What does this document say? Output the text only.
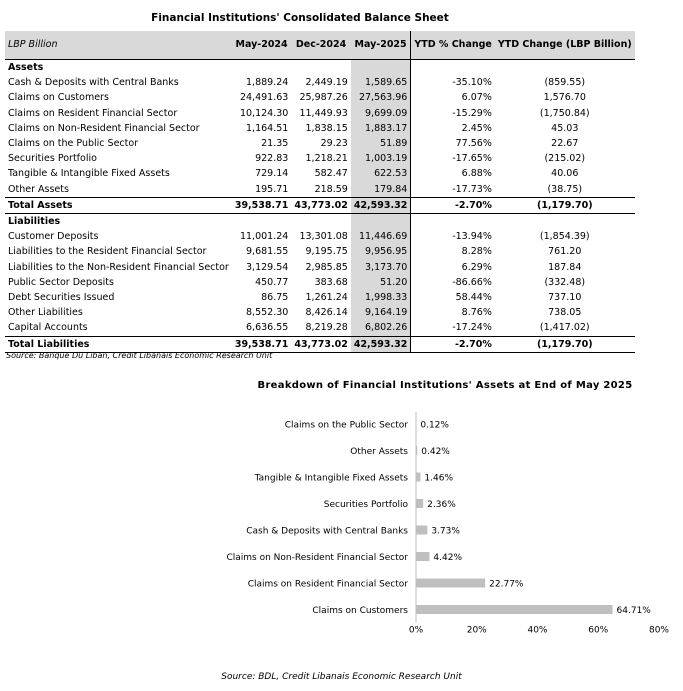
Financial Institutions' Consolidated Balance Sheet
LBP Billion	May-2024	Dec-2024	May-2025	YTD % Change	YTD Change (LBP Billion)
Assets					
Cash & Deposits with Central Banks	1,889.24	2,449.19	1,589.65	-35.10%	(859.55)
Claims on Customers	24,491.63	25,987.26	27,563.96	6.07%	1,576.70
Claims on Resident Financial Sector	10,124.30	11,449.93	9,699.09	-15.29%	(1,750.84)
Claims on Non-Resident Financial Sector	1,164.51	1,838.15	1,883.17	2.45%	45.03
Claims on the Public Sector	21.35	29.23	51.89	77.56%	22.67
Securities Portfolio	922.83	1,218.21	1,003.19	-17.65%	(215.02)
Tangible & Intangible Fixed Assets	729.14	582.47	622.53	6.88%	40.06
Other Assets	195.71	218.59	179.84	-17.73%	(38.75)
Total Assets	39,538.71	43,773.02	42,593.32	-2.70%	(1,179.70)
Liabilities					
Customer Deposits	11,001.24	13,301.08	11,446.69	-13.94%	(1,854.39)
Liabilities to the Resident Financial Sector	9,681.55	9,195.75	9,956.95	8.28%	761.20
Liabilities to the Non-Resident Financial Sector	3,129.54	2,985.85	3,173.70	6.29%	187.84
Public Sector Deposits	450.77	383.68	51.20	-86.66%	(332.48)
Debt Securities Issued	86.75	1,261.24	1,998.33	58.44%	737.10
Other Liabilities	8,552.30	8,426.14	9,164.19	8.76%	738.05
Capital Accounts	6,636.55	8,219.28	6,802.26	-17.24%	(1,417.02)
Total Liabilities	39,538.71	43,773.02	42,593.32	-2.70%	(1,179.70)
Source: Banque Du Liban, Credit Libanais Economic Research Unit
Breakdown of Financial Institutions' Assets at End of May 2025
Claims on the Public Sector 0.12%
Other Assets 0.42%
Tangible & Intangible Fixed Assets 1.46%
Securities Portfolio 2.36%
Cash & Deposits with Central Banks	3.73%
Claims on Non-Resident Financial Sector	4.42%
Claims on Resident Financial Sector	22.77%
Claims on Customers	64.71%
0%	20%	40%	60%	80%
Source: BDL, Credit Libanais Economic Research Unit
